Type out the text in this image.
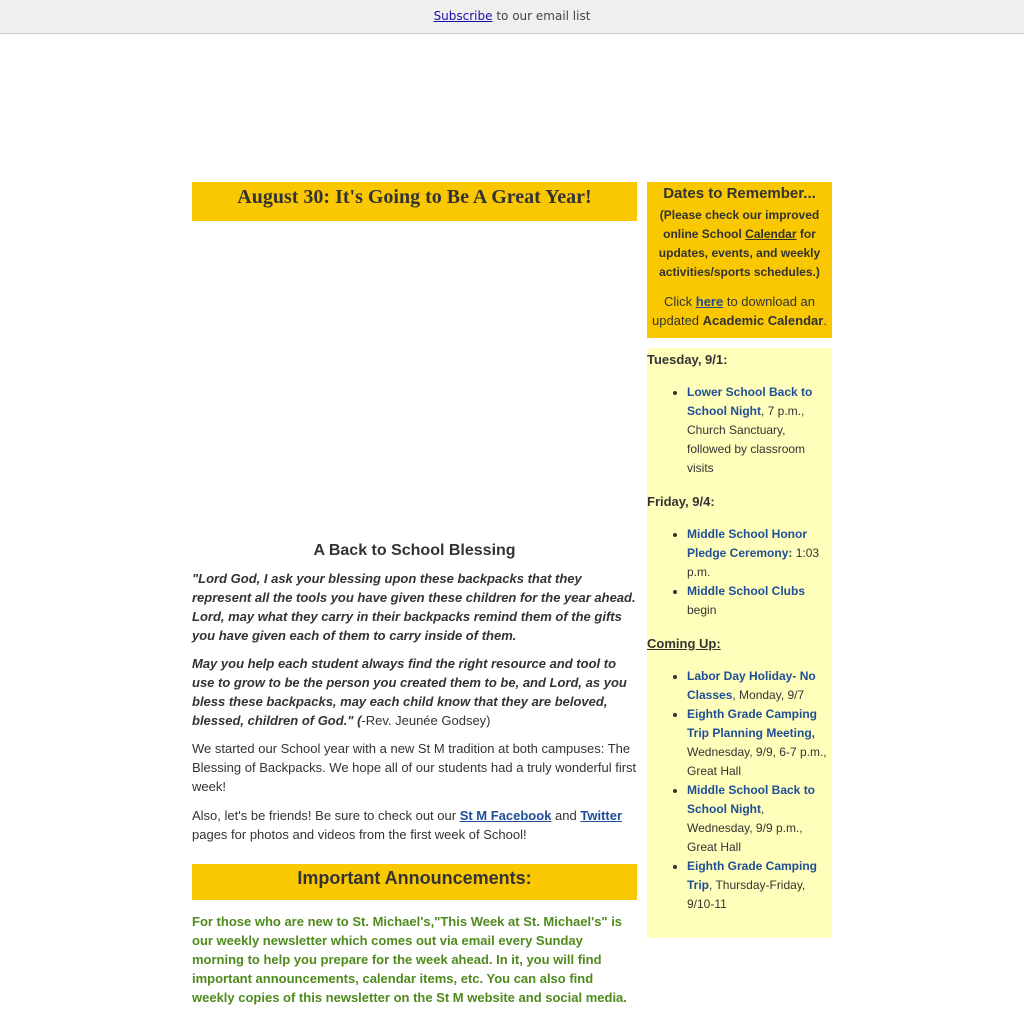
Subscribe to our email list
August 30: It's Going to Be A Great Year!
A Back to School Blessing

"Lord God, I ask your blessing upon these backpacks that they represent all the tools you have given these children for the year ahead. Lord, may what they carry in their backpacks remind them of the gifts you have given each of them to carry inside of them.

May you help each student always find the right resource and tool to use to grow to be the person you created them to be, and Lord, as you bless these backpacks, may each child know that they are beloved, blessed, children of God." (-Rev. Jeunée Godsey)

We started our School year with a new St M tradition at both campuses: The Blessing of Backpacks. We hope all of our students had a truly wonderful first week!

Also, let's be friends! Be sure to check out our St M Facebook and Twitter pages for photos and videos from the first week of School!

Important Announcements:
For those who are new to St. Michael's,"This Week at St. Michael's" is our weekly newsletter which comes out via email every Sunday morning to help you prepare for the week ahead. In it, you will find important announcements, calendar items, etc. You can also find weekly copies of this newsletter on the St M website and social media.
Dates to Remember...
(Please check our improved online School Calendar for updates, events, and weekly activities/sports schedules.)
Click here to download an updated Academic Calendar.
Tuesday, 9/1:
• Lower School Back to School Night, 7 p.m., Church Sanctuary, followed by classroom visits
Friday, 9/4:
• Middle School Honor Pledge Ceremony: 1:03 p.m.
• Middle School Clubs begin
Coming Up:
• Labor Day Holiday- No Classes, Monday, 9/7
• Eighth Grade Camping Trip Planning Meeting, Wednesday, 9/9, 6-7 p.m., Great Hall
• Middle School Back to School Night, Wednesday, 9/9 p.m., Great Hall
• Eighth Grade Camping Trip, Thursday-Friday, 9/10-11
